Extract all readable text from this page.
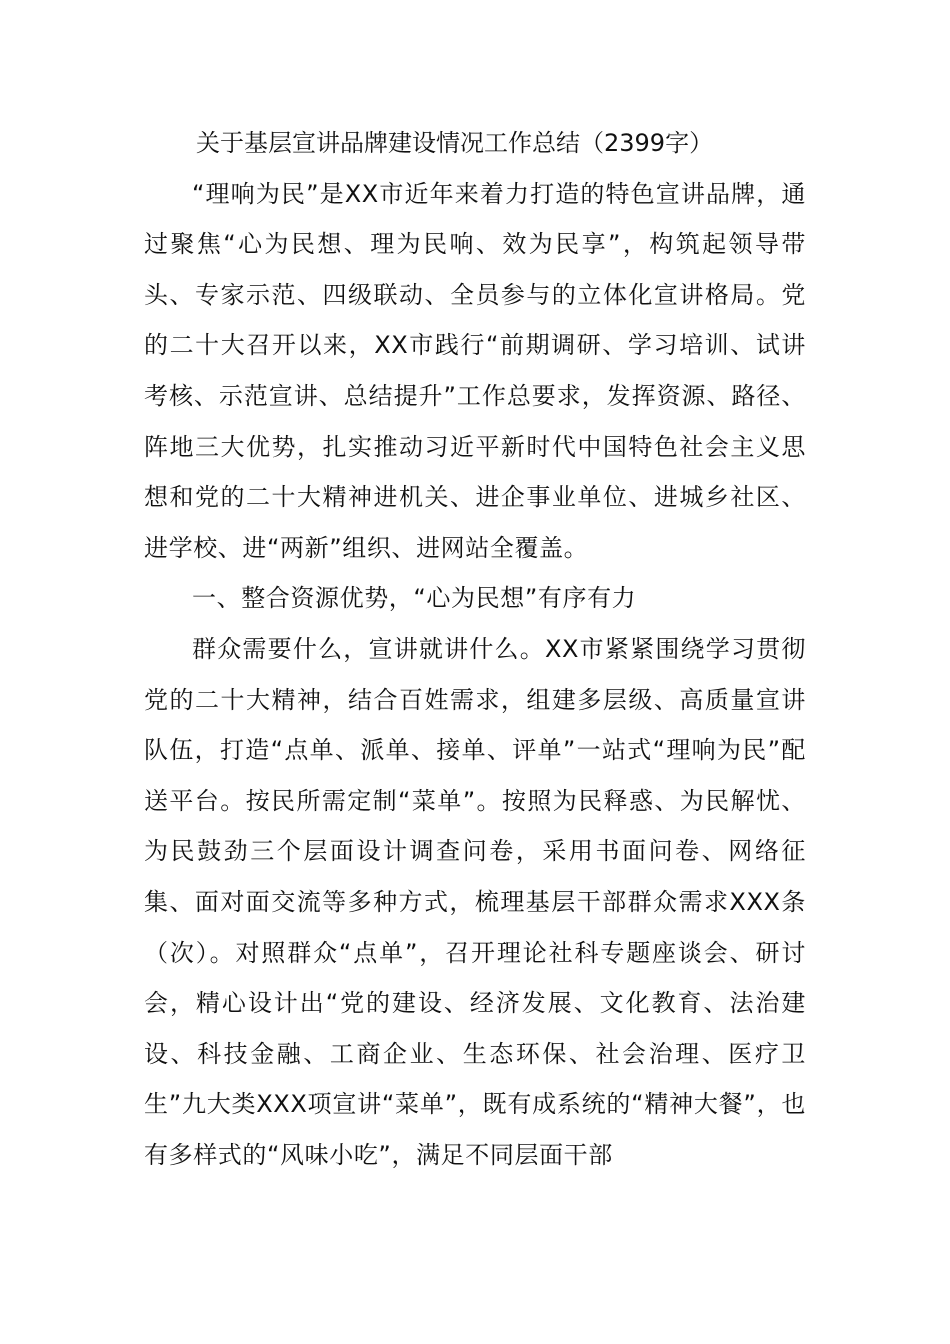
关于基层宣讲品牌建设情况工作总结（2399字）

“理响为民”是XX市近年来着力打造的特色宣讲品牌，通过聚焦“心为民想、理为民响、效为民享”，构筑起领导带头、专家示范、四级联动、全员参与的立体化宣讲格局。党的二十大召开以来，XX市践行“前期调研、学习培训、试讲考核、示范宣讲、总结提升”工作总要求，发挥资源、路径、阵地三大优势，扎实推动习近平新时代中国特色社会主义思想和党的二十大精神进机关、进企事业单位、进城乡社区、进学校、进“两新”组织、进网站全覆盖。

一、整合资源优势，“心为民想”有序有力

群众需要什么，宣讲就讲什么。XX市紧紧围绕学习贯彻党的二十大精神，结合百姓需求，组建多层级、高质量宣讲队伍，打造“点单、派单、接单、评单”一站式“理响为民”配送平台。按民所需定制“菜单”。按照为民释惑、为民解忧、为民鼓劲三个层面设计调查问卷，采用书面问卷、网络征集、面对面交流等多种方式，梳理基层干部群众需求XXX条（次）。对照群众“点单”，召开理论社科专题座谈会、研讨会，精心设计出“党的建设、经济发展、文化教育、法治建设、科技金融、工商企业、生态环保、社会治理、医疗卫生”九大类XXX项宣讲“菜单”，既有成系统的“精神大餐”，也有多样式的“风味小吃”，满足不同层面干部
